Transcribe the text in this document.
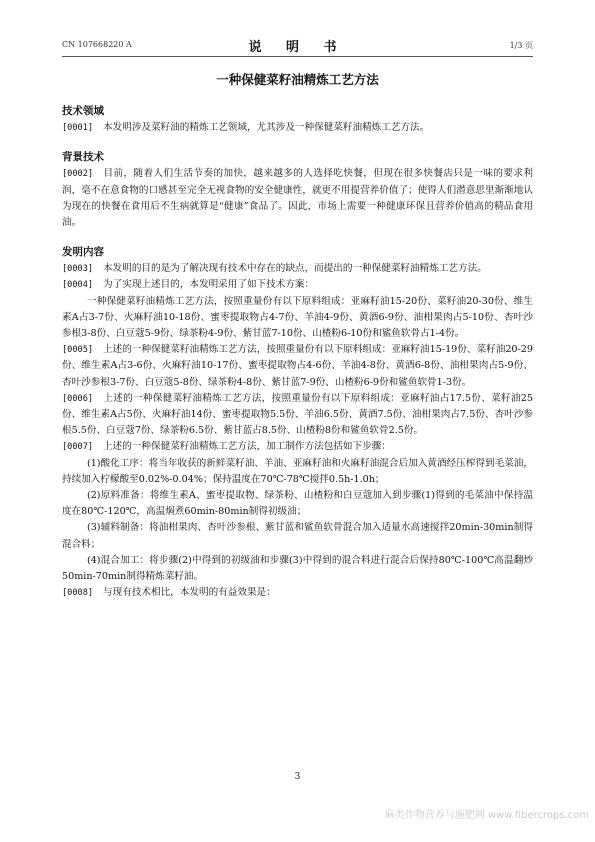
CN 107668220 A	说 明 书	1/3 页
一种保健菜籽油精炼工艺方法
技术领域
[0001] 本发明涉及菜籽油的精炼工艺领域，尤其涉及一种保健菜籽油精炼工艺方法。
背景技术
[0002] 目前，随着人们生活节奏的加快，越来越多的人选择吃快餐，但现在很多快餐店只是一味的要求利润，毫不在意食物的口感甚至完全无视食物的安全健康性，就更不用提营养价值了；使得人们潜意思里渐渐地认为现在的快餐在食用后不生病就算是“健康”食品了。因此，市场上需要一种健康环保且营养价值高的精品食用油。
发明内容
[0003] 本发明的目的是为了解决现有技术中存在的缺点，而提出的一种保健菜籽油精炼工艺方法。
[0004] 为了实现上述目的，本发明采用了如下技术方案：
一种保健菜籽油精炼工艺方法，按照重量份有以下原料组成：亚麻籽油15-20份、菜籽油20-30份、维生素A占3-7份、火麻籽油10-18份、蜜枣提取物占4-7份、羊油4-9份、黄酒6-9份、油柑果肉占5-10份、杏叶沙参根3-8份、白豆蔻5-9份、绿茶粉4-9份、紫甘蓝7-10份、山楂粉6-10份和鲨鱼软骨占1-4份。
[0005] 上述的一种保健菜籽油精炼工艺方法，按照重量份有以下原料组成：亚麻籽油15-19份、菜籽油20-29份、维生素A占3-6份、火麻籽油10-17份、蜜枣提取物占4-6份、羊油4-8份、黄酒6-8份、油柑果肉占5-9份、杏叶沙参根3-7份、白豆蔻5-8份、绿茶粉4-8份、紫甘蓝7-9份、山楂粉6-9份和鲨鱼软骨1-3份。
[0006] 上述的一种保健菜籽油精炼工艺方法，按照重量份有以下原料组成：亚麻籽油占17.5份、菜籽油25份、维生素A占5份、火麻籽油14份、蜜枣提取物5.5份、羊油6.5份、黄酒7.5份、油柑果肉占7.5份、杏叶沙参根5.5份、白豆蔻7份、绿茶粉6.5份、紫甘蓝占8.5份、山楂粉8份和鲨鱼软骨2.5份。
[0007] 上述的一种保健菜籽油精炼工艺方法，加工制作方法包括如下步骤：
(1)酸化工序：将当年收获的新鲜菜籽油、羊油、亚麻籽油和火麻籽油混合后加入黄酒经压榨得到毛菜油，持续加入柠檬酸至0.02%-0.04%；保持温度在70℃-78℃搅拌0.5h-1.0h；
(2)原料准备：将维生素A、蜜枣提取物、绿茶粉、山楂粉和白豆蔻加入到步骤(1)得到的毛菜油中保持温度在80℃-120℃，高温焖煮60min-80min制得初级油；
(3)辅料制备：将油柑果肉、杏叶沙参根、紫甘蓝和鲨鱼软骨混合加入适量水高速搅拌20min-30min制得混合料；
(4)混合加工：将步骤(2)中得到的初级油和步骤(3)中得到的混合料进行混合后保持80℃-100℃高温翻炒50min-70min制得精炼菜籽油。
[0008] 与现有技术相比，本发明的有益效果是：
3
麻类作物营养与施肥网 www.fibercrops.com
